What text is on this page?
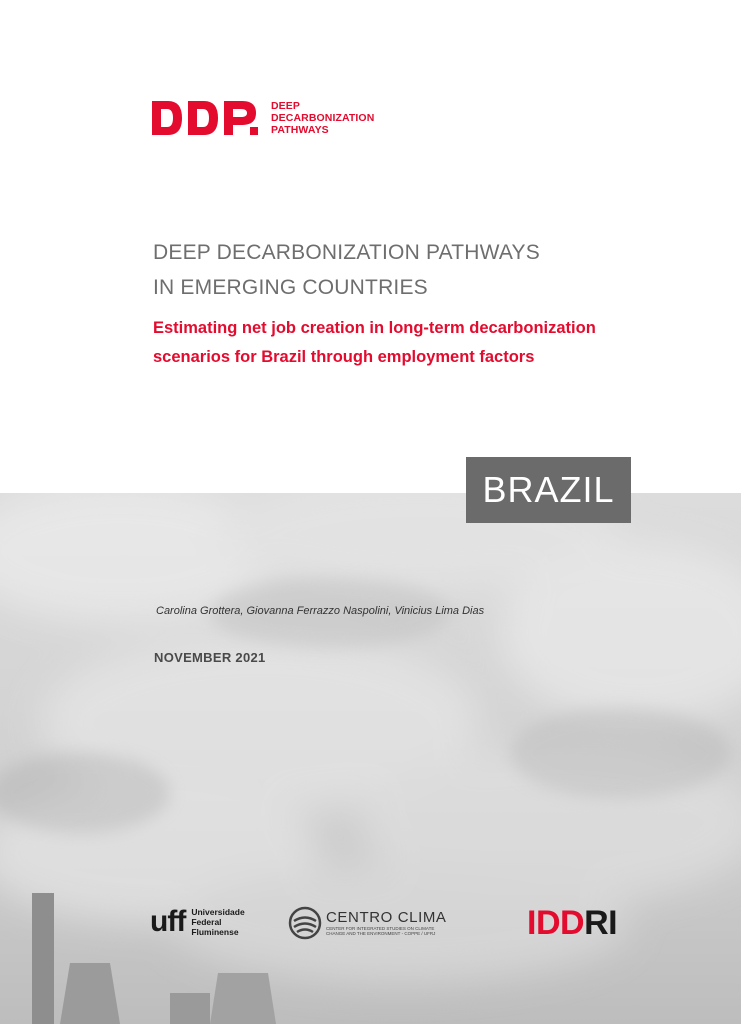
DEEP
DECARBONIZATION
PATHWAYS
DEEP DECARBONIZATION PATHWAYS
IN EMERGING COUNTRIES
Estimating net job creation in long-term decarbonization
scenarios for Brazil through employment factors
BRAZIL
Carolina Grottera, Giovanna Ferrazzo Naspolini, Vinicius Lima Dias
NOVEMBER 2021
uff Universidade
Federal
Fluminense
CENTRO CLIMA
CENTER FOR INTEGRATED STUDIES ON CLIMATE
CHANGE AND THE ENVIRONMENT - COPPE / UFRJ	IDDRI
